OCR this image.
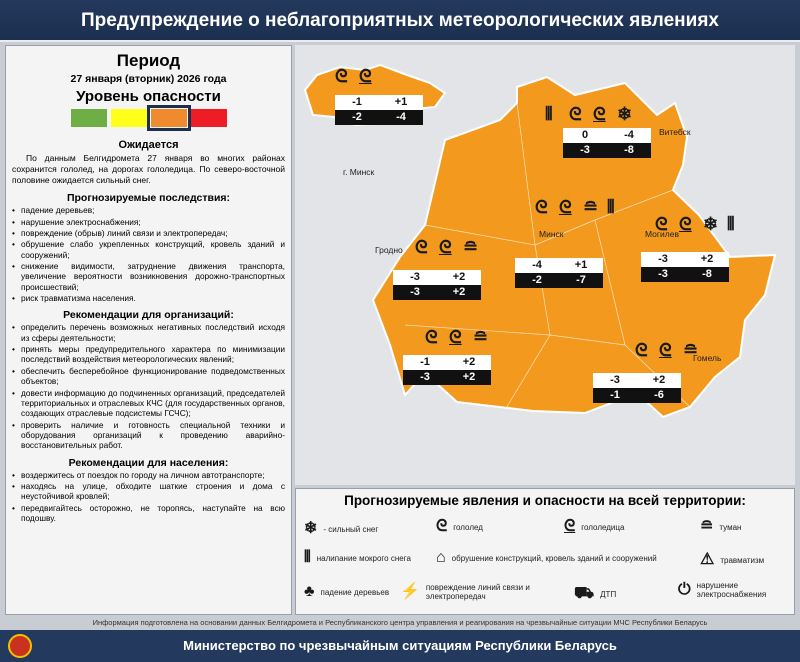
Предупреждение о неблагоприятных метеорологических явлениях
Период
27 января (вторник) 2026 года
Уровень опасности
Ожидается
По данным Белгидромета 27 января во многих районах сохранится гололед, на дорогах гололедица. По северо-восточной половине ожидается сильный снег.
Прогнозируемые последствия:
• падение деревьев;
• нарушение электроснабжения;
• повреждение (обрыв) линий связи и электропередач;
• обрушение слабо укрепленных конструкций, кровель зданий и сооружений;
• снижение видимости, затруднение движения транспорта, увеличение вероятности возникновения дорожно-транспортных происшествий;
• риск травматизма населения.
Рекомендации для организаций:
• определить перечень возможных негативных последствий исходя из сферы деятельности;
• принять меры предупредительного характера по минимизации последствий воздействия метеорологических явлений;
• обеспечить бесперебойное функционирование подведомственных объектов;
• довести информацию до подчиненных организаций, председателей территориальных и отраслевых КЧС (для государственных органов, создающих отраслевые подсистемы ГСЧС);
• проверить наличие и готовность специальной техники и оборудования организаций к проведению аварийно-восстановительных работ.
Рекомендации для населения:
• воздержитесь от поездок по городу на личном автотранспорте;
• находясь на улице, обходите шаткие строения и дома с неустойчивой кровлей;
• передвигайтесь осторожно, не торопясь, наступайте на всю подошву.
г. Минск
Витебск
Минск	Могилев
Гродно
Гомель
-1	+1
-2	-4
ᘓ ᘓ
0	-4
-3	-8
⫴ ᘓ ᘓ ❄
-4	+1
-2	-7
ᘓ ᘓ ≘ ⫴
-3	+2
-3	-8
ᘓ ᘓ ❄ ⫴
-3	+2
-3	+2
ᘓ ᘓ ≘
-1	+2
-3	+2
ᘓ ᘓ ≘
-3	+2
-1	-6
ᘓ ᘓ ≘
Прогнозируемые явления и опасности на всей территории:
❄ - сильный снег	ᘓ гололед	ᘓ гололедица	≘ туман
⫴ налипание мокрого снега ⌂ обрушение конструкций, кровель зданий и сооружений	⚠ травматизм
♣ падение деревьев ⚡ повреждение линий связи и электропередач	⛟ ДТП	⏻ нарушение электроснабжения
Информация подготовлена на основании данных Белгидромета и Республиканского центра управления и реагирования на чрезвычайные ситуации МЧС Республики Беларусь
Министерство по чрезвычайным ситуациям Республики Беларусь
